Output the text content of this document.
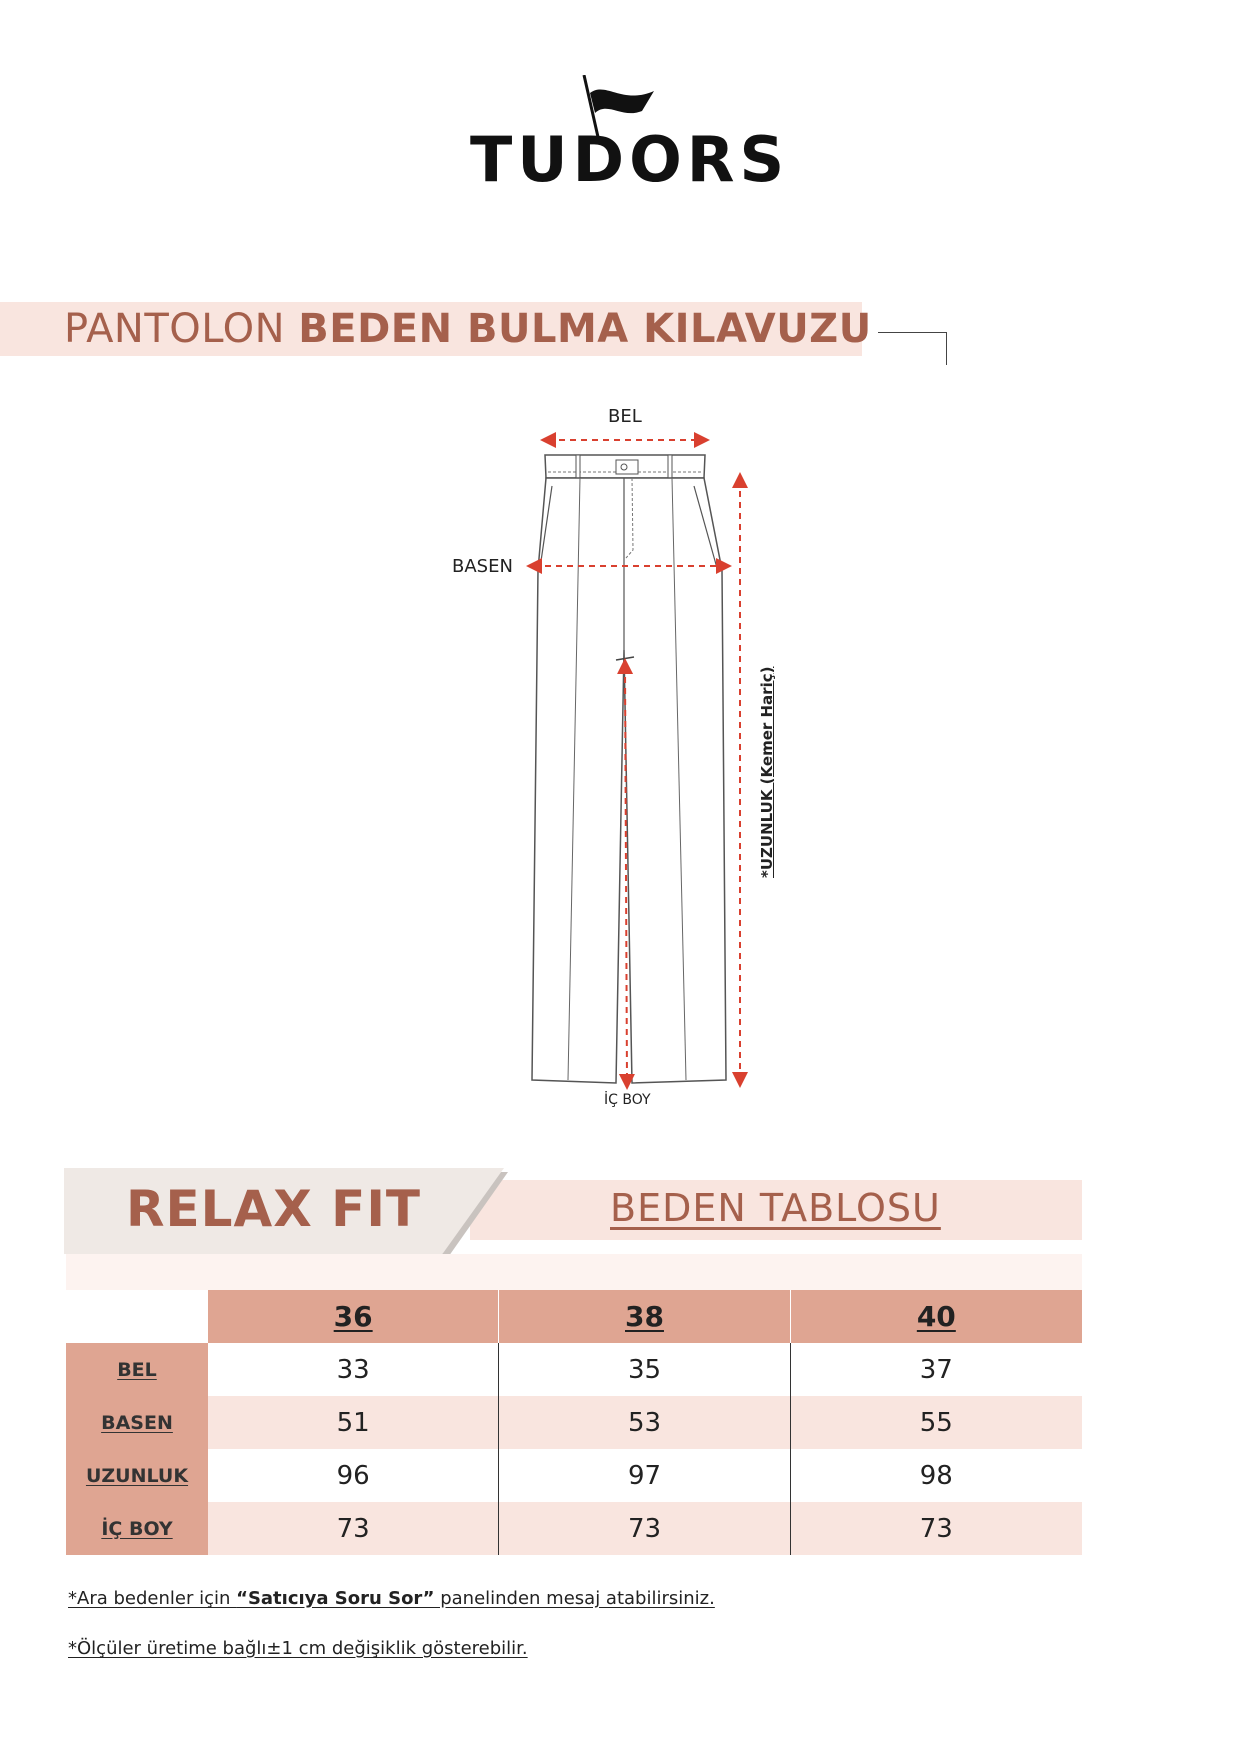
TUDORS
PANTOLON BEDEN BULMA KILAVUZU
BEL
BASEN
İÇ BOY
*UZUNLUK (Kemer Hariç)
RELAX FIT	BEDEN TABLOSU
36	38	40
BEL	33	35	37
BASEN	51	53	55
UZUNLUK	96	97	98
İÇ BOY	73	73	73
*Ara bedenler için “Satıcıya Soru Sor” panelinden mesaj atabilirsiniz.
*Ölçüler üretime bağlı±1 cm değişiklik gösterebilir.
